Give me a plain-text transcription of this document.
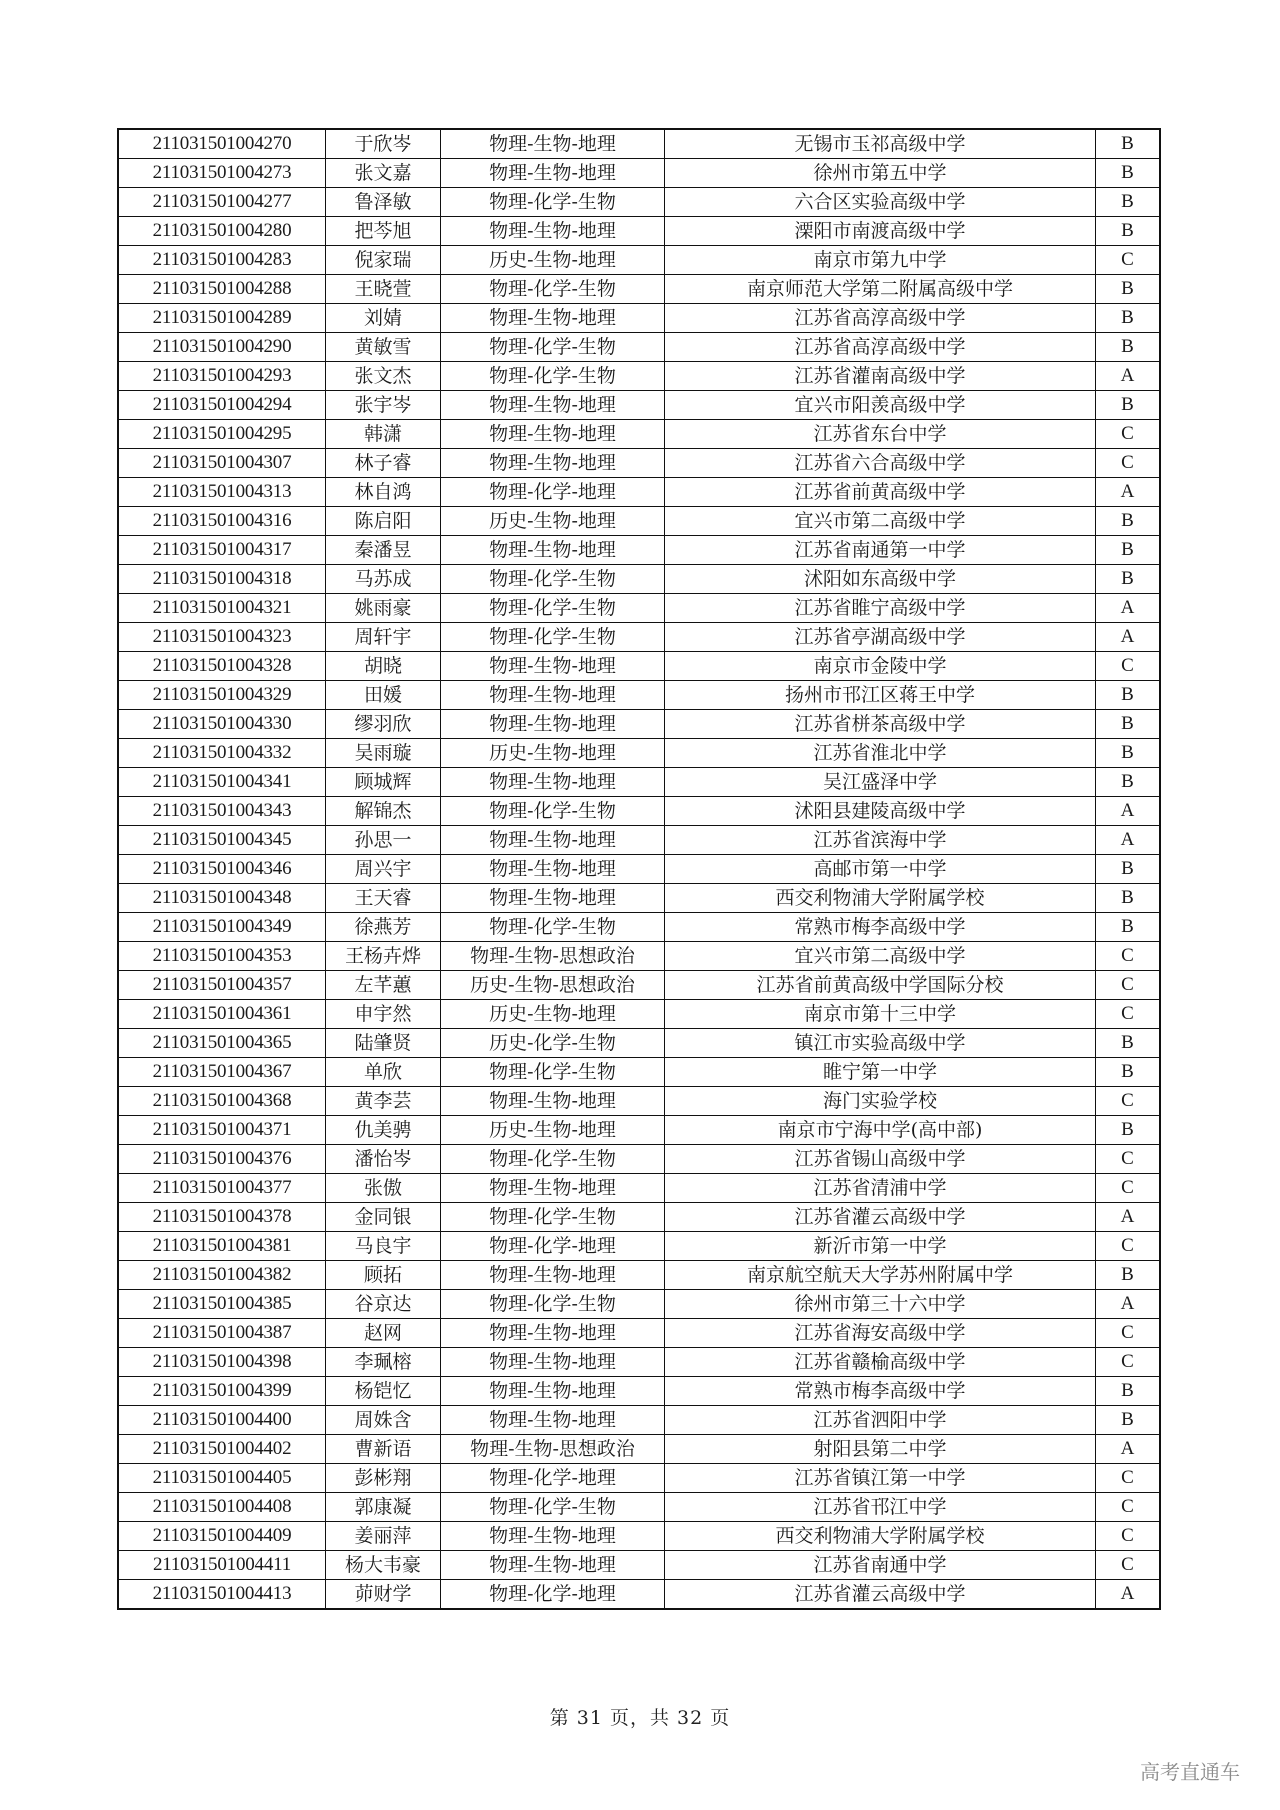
211031501004270	于欣岑	物理-生物-地理	无锡市玉祁高级中学	B
211031501004273	张文嘉	物理-生物-地理	徐州市第五中学	B
211031501004277	鲁泽敏	物理-化学-生物	六合区实验高级中学	B
211031501004280	把芩旭	物理-生物-地理	溧阳市南渡高级中学	B
211031501004283	倪家瑞	历史-生物-地理	南京市第九中学	C
211031501004288	王晓萱	物理-化学-生物	南京师范大学第二附属高级中学	B
211031501004289	刘婧	物理-生物-地理	江苏省高淳高级中学	B
211031501004290	黄敏雪	物理-化学-生物	江苏省高淳高级中学	B
211031501004293	张文杰	物理-化学-生物	江苏省灌南高级中学	A
211031501004294	张宇岑	物理-生物-地理	宜兴市阳羡高级中学	B
211031501004295	韩潇	物理-生物-地理	江苏省东台中学	C
211031501004307	林子睿	物理-生物-地理	江苏省六合高级中学	C
211031501004313	林自鸿	物理-化学-地理	江苏省前黄高级中学	A
211031501004316	陈启阳	历史-生物-地理	宜兴市第二高级中学	B
211031501004317	秦潘昱	物理-生物-地理	江苏省南通第一中学	B
211031501004318	马苏成	物理-化学-生物	沭阳如东高级中学	B
211031501004321	姚雨豪	物理-化学-生物	江苏省睢宁高级中学	A
211031501004323	周轩宇	物理-化学-生物	江苏省亭湖高级中学	A
211031501004328	胡晓	物理-生物-地理	南京市金陵中学	C
211031501004329	田媛	物理-生物-地理	扬州市邗江区蒋王中学	B
211031501004330	缪羽欣	物理-生物-地理	江苏省栟茶高级中学	B
211031501004332	吴雨璇	历史-生物-地理	江苏省淮北中学	B
211031501004341	顾城辉	物理-生物-地理	吴江盛泽中学	B
211031501004343	解锦杰	物理-化学-生物	沭阳县建陵高级中学	A
211031501004345	孙思一	物理-生物-地理	江苏省滨海中学	A
211031501004346	周兴宇	物理-生物-地理	高邮市第一中学	B
211031501004348	王天睿	物理-生物-地理	西交利物浦大学附属学校	B
211031501004349	徐燕芳	物理-化学-生物	常熟市梅李高级中学	B
211031501004353	王杨卉烨	物理-生物-思想政治	宜兴市第二高级中学	C
211031501004357	左芊蕙	历史-生物-思想政治	江苏省前黄高级中学国际分校	C
211031501004361	申宇然	历史-生物-地理	南京市第十三中学	C
211031501004365	陆肇贤	历史-化学-生物	镇江市实验高级中学	B
211031501004367	单欣	物理-化学-生物	睢宁第一中学	B
211031501004368	黄李芸	物理-生物-地理	海门实验学校	C
211031501004371	仇美骋	历史-生物-地理	南京市宁海中学(高中部)	B
211031501004376	潘怡岑	物理-化学-生物	江苏省锡山高级中学	C
211031501004377	张傲	物理-生物-地理	江苏省清浦中学	C
211031501004378	金同银	物理-化学-生物	江苏省灌云高级中学	A
211031501004381	马良宇	物理-化学-地理	新沂市第一中学	C
211031501004382	顾拓	物理-生物-地理	南京航空航天大学苏州附属中学	B
211031501004385	谷京达	物理-化学-生物	徐州市第三十六中学	A
211031501004387	赵网	物理-生物-地理	江苏省海安高级中学	C
211031501004398	李珮榕	物理-生物-地理	江苏省赣榆高级中学	C
211031501004399	杨铠忆	物理-生物-地理	常熟市梅李高级中学	B
211031501004400	周姝含	物理-生物-地理	江苏省泗阳中学	B
211031501004402	曹新语	物理-生物-思想政治	射阳县第二中学	A
211031501004405	彭彬翔	物理-化学-地理	江苏省镇江第一中学	C
211031501004408	郭康凝	物理-化学-生物	江苏省邗江中学	C
211031501004409	姜丽萍	物理-生物-地理	西交利物浦大学附属学校	C
211031501004411	杨大韦豪	物理-生物-地理	江苏省南通中学	C
211031501004413	茆财学	物理-化学-地理	江苏省灌云高级中学	A
第 31 页，共 32 页
高考直通车
